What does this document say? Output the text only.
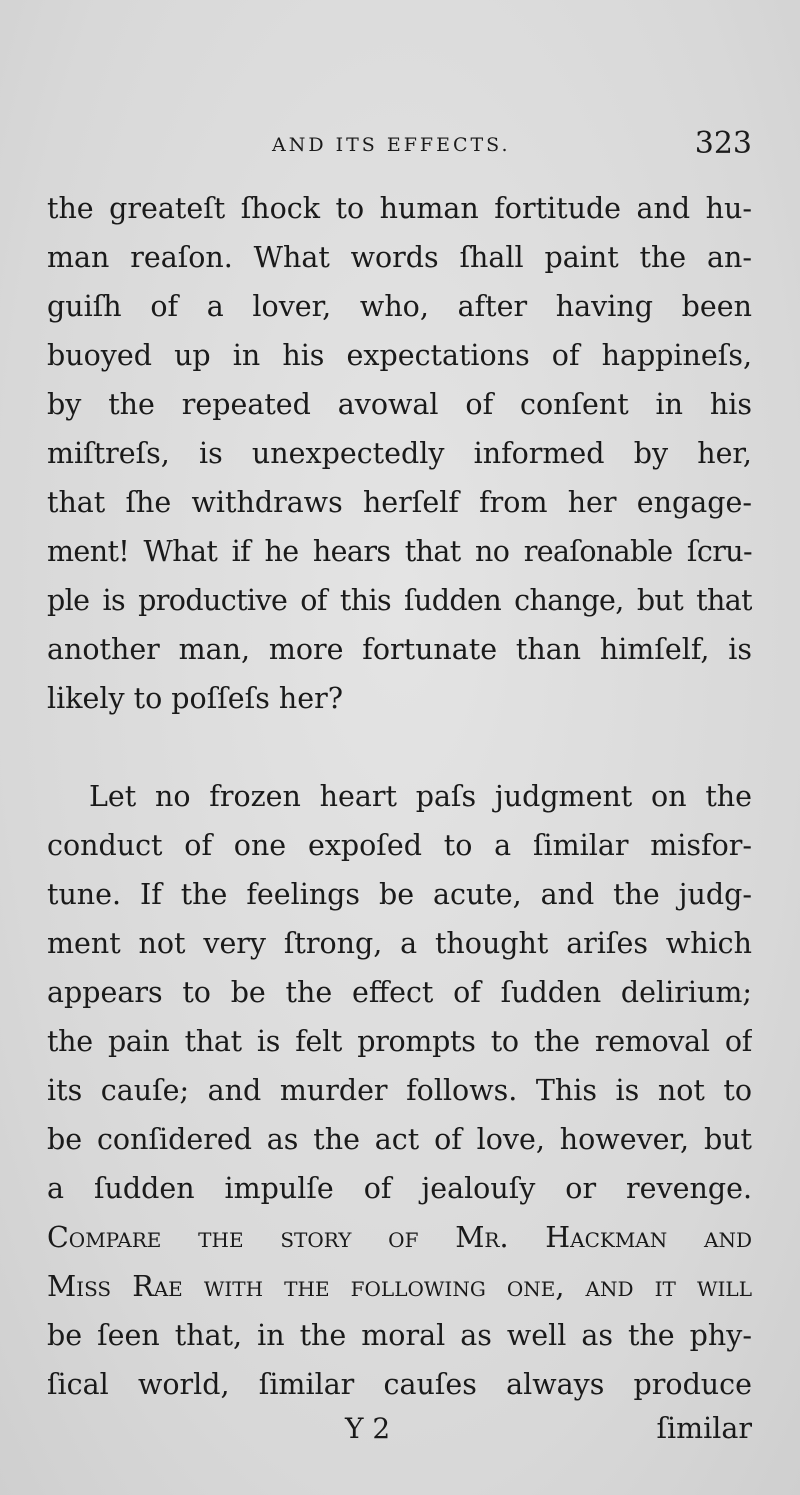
AND ITS EFFECTS.	323
the greateſt ſhock to human fortitude and hu-
man reaſon. What words ſhall paint the an-
guiſh of a lover, who, after having been
buoyed up in his expectations of happineſs,
by the repeated avowal of conſent in his
miſtreſs, is unexpectedly informed by her,
that ſhe withdraws herſelf from her engage-
ment! What if he hears that no reaſonable ſcru-
ple is productive of this ſudden change, but that
another man, more fortunate than himſelf, is
likely to poſſeſs her?
Let no frozen heart paſs judgment on the
conduct of one expoſed to a ſimilar misfor-
tune. If the feelings be acute, and the judg-
ment not very ſtrong, a thought ariſes which
appears to be the effect of ſudden delirium;
the pain that is felt prompts to the removal of
its cauſe; and murder follows. This is not to
be conſidered as the act of love, however, but
a ſudden impulſe of jealouſy or revenge.
Compare the ſtory of Mr. Hackman and
Miſs Rae with the following one, and it will
be ſeen that, in the moral as well as the phy-
ſical world, ſimilar cauſes always produce
Y 2	ſimilar
